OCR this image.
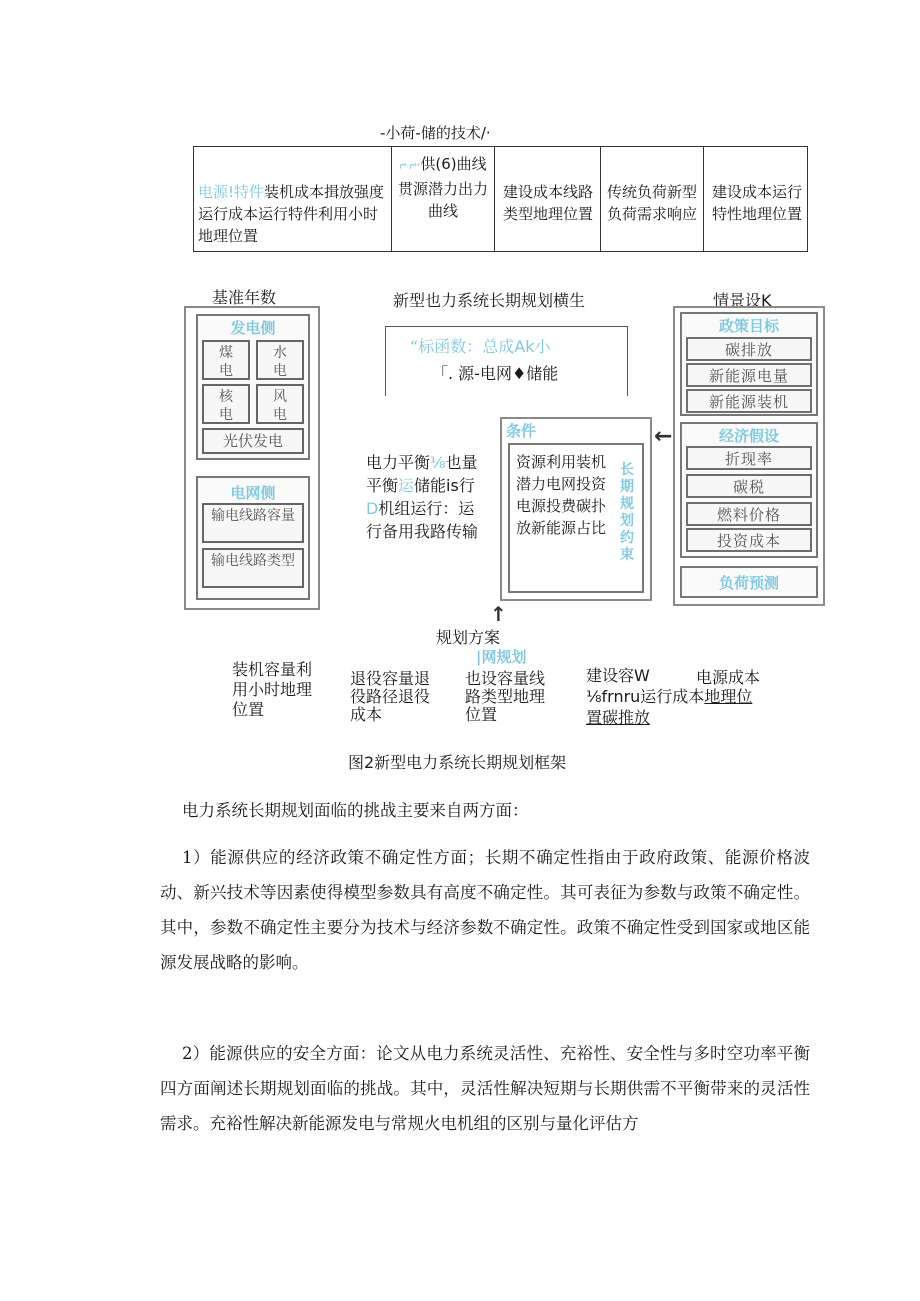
-小荷-储的技术/·
电源!特件装机成本揖放强度运行成本运行特件利用小时地理位置
𝘳ᵃ·𝘳ᵃᵛ供(6)曲线贯源潜力出力曲线
建设成本线路类型地理位置
传统负荷新型负荷需求响应
建设成本运行特性地理位置
基准年数	新型也力系统长期规划横生	情景设K
发电侧
煤电
水电
核电
风电
光伏发电
电网侧
输电线路容量
输电线路类型
“标函数：总成Ak小
「. 源-电网♦储能
电力平衡⅛也量平衡运储能is行D机组运行：运行备用我路传输
条件
资源利用装机潜力电网投资电源投费碳扑放新能源占比
长期规划约束
←
↑
政策目标
碳排放
新能源电量
新能源装机
经济假设
折现率
碳税
燃料价格
投资成本
负荷预测
规划方案
|网规划
装机容量利用小时地理位置
退役容量退役路径退役成本
也设容量线路类型地理位置
建设容W
⅛frnru运行成本地理位
置碳推放
电源成本
图2新型电力系统长期规划框架
电力系统长期规划面临的挑战主要来自两方面：
1）能源供应的经济政策不确定性方面；长期不确定性指由于政府政策、能源价格波动、新兴技术等因素使得模型参数具有高度不确定性。其可表征为参数与政策不确定性。其中，参数不确定性主要分为技术与经济参数不确定性。政策不确定性受到国家或地区能源发展战略的影响。
2）能源供应的安全方面：论文从电力系统灵活性、充裕性、安全性与多时空功率平衡四方面阐述长期规划面临的挑战。其中，灵活性解决短期与长期供需不平衡带来的灵活性需求。充裕性解决新能源发电与常规火电机组的区别与量化评估方
